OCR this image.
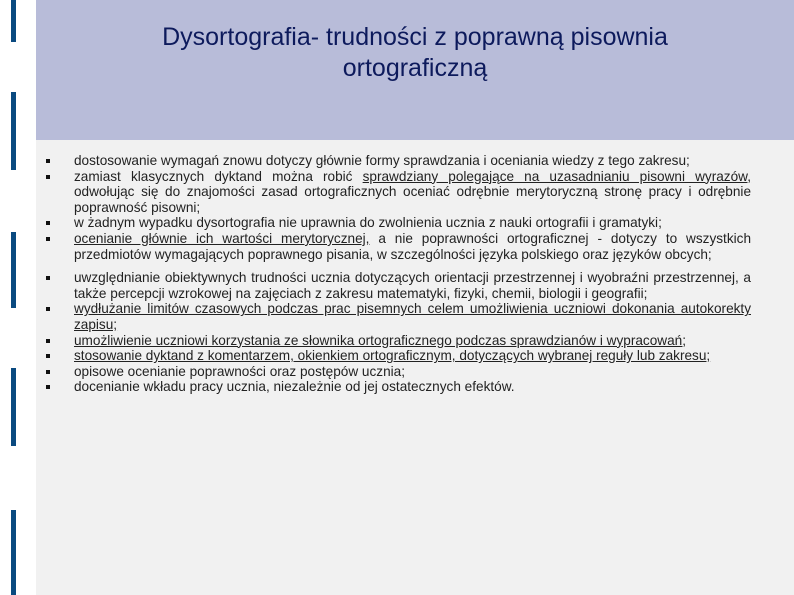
Dysortografia- trudności z poprawną pisownia
ortograficzną
dostosowanie wymagań znowu dotyczy głównie formy sprawdzania i oceniania wiedzy z tego zakresu;
zamiast klasycznych dyktand można robić sprawdziany polegające na uzasadnianiu pisowni wyrazów, odwołując się do znajomości zasad ortograficznych oceniać odrębnie merytoryczną stronę pracy i odrębnie poprawność pisowni;
w żadnym wypadku dysortografia nie uprawnia do zwolnienia ucznia z nauki ortografii i gramatyki;
ocenianie głównie ich wartości merytorycznej, a nie poprawności ortograficznej - dotyczy to wszystkich przedmiotów wymagających poprawnego pisania, w szczególności języka polskiego oraz języków obcych;
uwzględnianie obiektywnych trudności ucznia dotyczących orientacji przestrzennej i wyobraźni przestrzennej, a także percepcji wzrokowej na zajęciach z zakresu matematyki, fizyki, chemii, biologii i geografii;
wydłużanie limitów czasowych podczas prac pisemnych celem umożliwienia uczniowi dokonania autokorekty zapisu;
umożliwienie uczniowi korzystania ze słownika ortograficznego podczas sprawdzianów i wypracowań;
stosowanie dyktand z komentarzem, okienkiem ortograficznym, dotyczących wybranej reguły lub zakresu;
opisowe ocenianie poprawności oraz postępów ucznia;
docenianie wkładu pracy ucznia, niezależnie od jej ostatecznych efektów.
